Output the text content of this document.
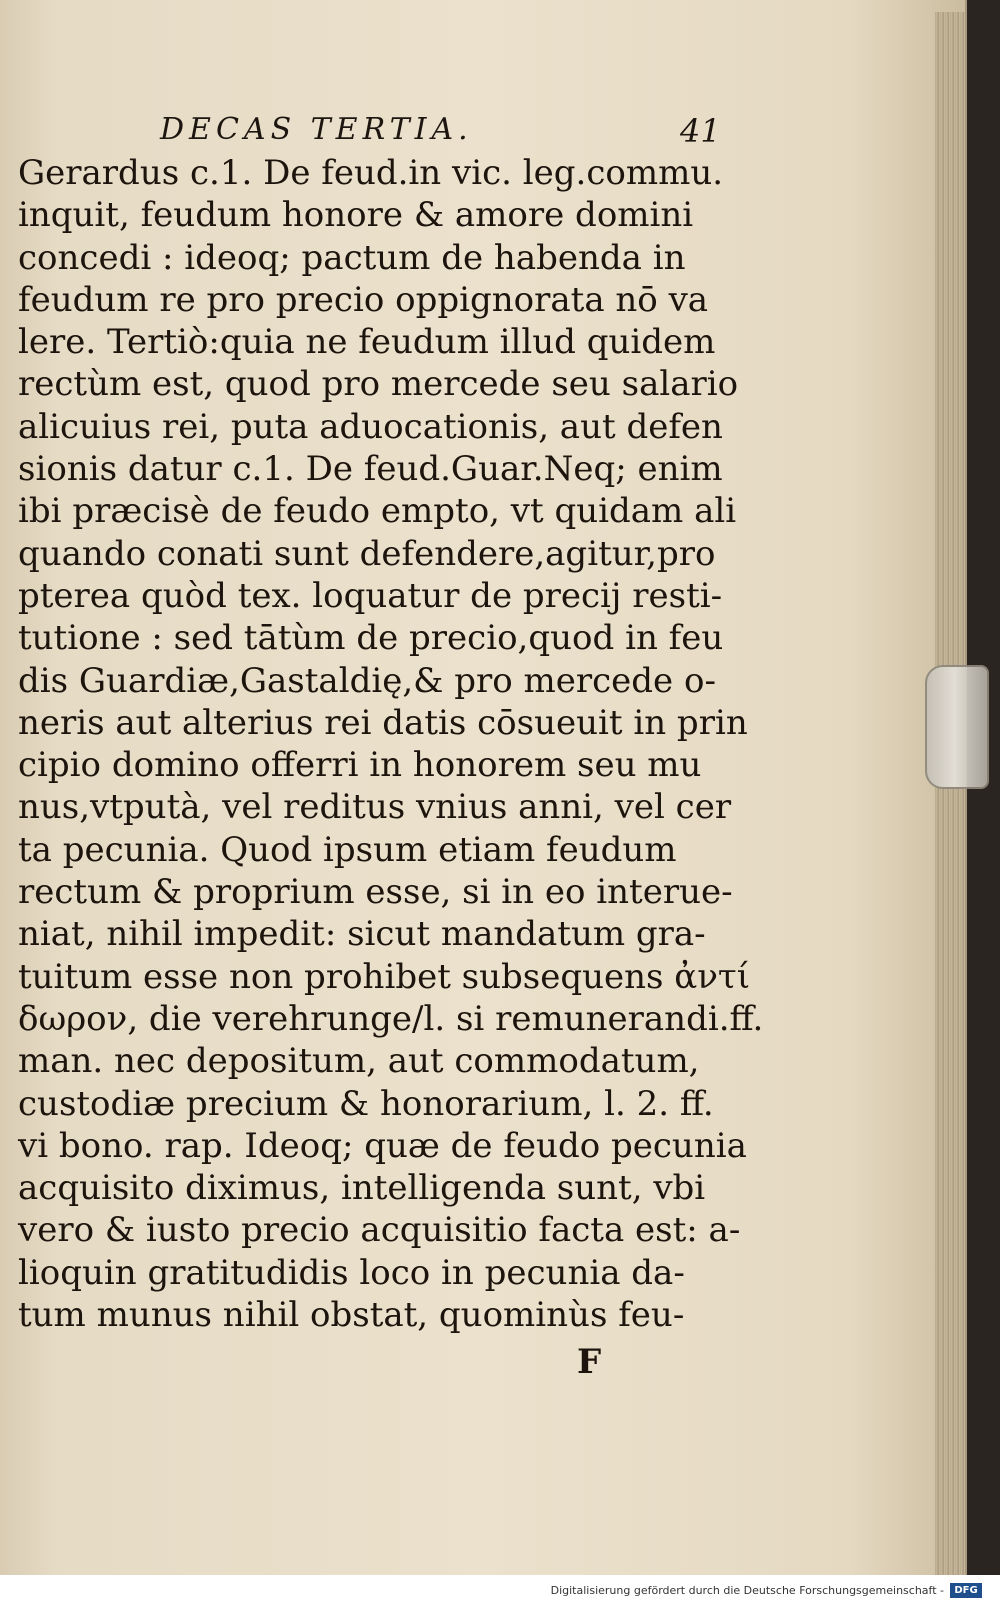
DECAS TERTIA.	41
Gerardus c.1. De feud.in vic. leg.commu.
inquit, feudum honore & amore domini
concedi : ideoq; pactum de habenda in
feudum re pro precio oppignorata nō va
lere. Tertiò:quia ne feudum illud quidem
rectùm est, quod pro mercede seu salario
alicuius rei, puta aduocationis, aut defen
sionis datur c.1. De feud.Guar.Neq; enim
ibi præcisè de feudo empto, vt quidam ali
quando conati sunt defendere,agitur,pro
pterea quòd tex. loquatur de precij resti-
tutione : sed tātùm de precio,quod in feu
dis Guardiæ,Gastaldię,& pro mercede o-
neris aut alterius rei datis cōsueuit in prin
cipio domino offerri in honorem seu mu
nus,vtputà, vel reditus vnius anni, vel cer
ta pecunia. Quod ipsum etiam feudum
rectum & proprium esse, si in eo interue-
niat, nihil impedit: sicut mandatum gra-
tuitum esse non prohibet subsequens ἀντί
δωρον, die verehrunge/l. si remunerandi.ff.
man. nec depositum, aut commodatum,
custodiæ precium & honorarium, l. 2. ff.
vi bono. rap. Ideoq; quæ de feudo pecunia
acquisito diximus, intelligenda sunt, vbi
vero & iusto precio acquisitio facta est: a-
lioquin gratitudidis loco in pecunia da-
tum munus nihil obstat, quominùs feu-
F
Digitalisierung gefördert durch die Deutsche Forschungsgemeinschaft -	DFG
